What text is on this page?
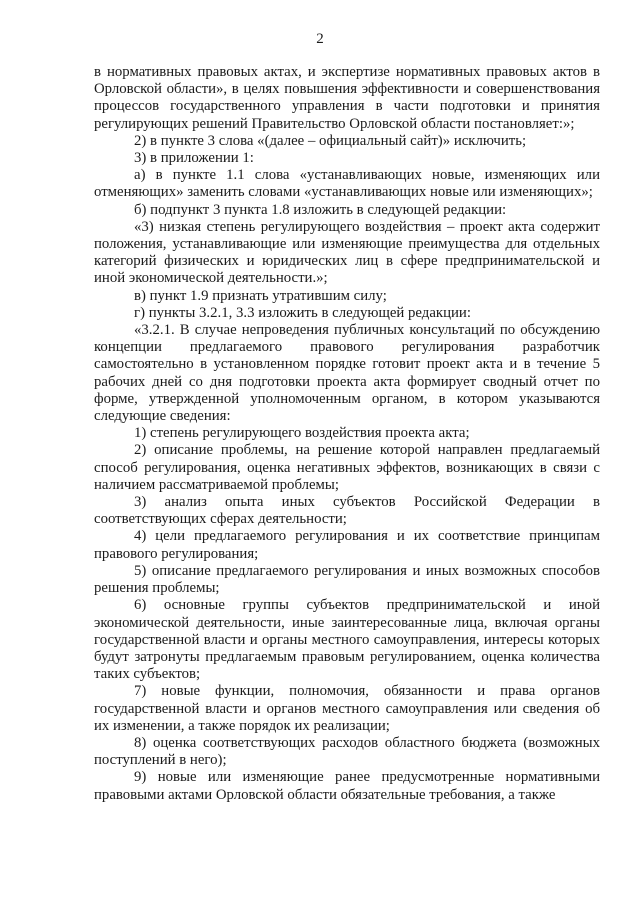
2

в нормативных правовых актах, и экспертизе нормативных правовых актов в Орловской области», в целях повышения эффективности и совершенствования процессов государственного управления в части подготовки и принятия регулирующих решений Правительство Орловской области постановляет:»;

2) в пункте 3 слова «(далее – официальный сайт)» исключить;

3) в приложении 1:

а) в пункте 1.1 слова «устанавливающих новые, изменяющих или отменяющих» заменить словами «устанавливающих новые или изменяющих»;

б) подпункт 3 пункта 1.8 изложить в следующей редакции:

«3) низкая степень регулирующего воздействия – проект акта содержит положения, устанавливающие или изменяющие преимущества для отдельных категорий физических и юридических лиц в сфере предпринимательской и иной экономической деятельности.»;

в) пункт 1.9 признать утратившим силу;

г) пункты 3.2.1, 3.3 изложить в следующей редакции:

«3.2.1. В случае непроведения публичных консультаций по обсуждению концепции предлагаемого правового регулирования разработчик самостоятельно в установленном порядке готовит проект акта и в течение 5 рабочих дней со дня подготовки проекта акта формирует сводный отчет по форме, утвержденной уполномоченным органом, в котором указываются следующие сведения:

1) степень регулирующего воздействия проекта акта;

2) описание проблемы, на решение которой направлен предлагаемый способ регулирования, оценка негативных эффектов, возникающих в связи с наличием рассматриваемой проблемы;

3) анализ опыта иных субъектов Российской Федерации в соответствующих сферах деятельности;

4) цели предлагаемого регулирования и их соответствие принципам правового регулирования;

5) описание предлагаемого регулирования и иных возможных способов решения проблемы;

6) основные группы субъектов предпринимательской и иной экономической деятельности, иные заинтересованные лица, включая органы государственной власти и органы местного самоуправления, интересы которых будут затронуты предлагаемым правовым регулированием, оценка количества таких субъектов;

7) новые функции, полномочия, обязанности и права органов государственной власти и органов местного самоуправления или сведения об их изменении, а также порядок их реализации;

8) оценка соответствующих расходов областного бюджета (возможных поступлений в него);

9) новые или изменяющие ранее предусмотренные нормативными правовыми актами Орловской области обязательные требования, а также
